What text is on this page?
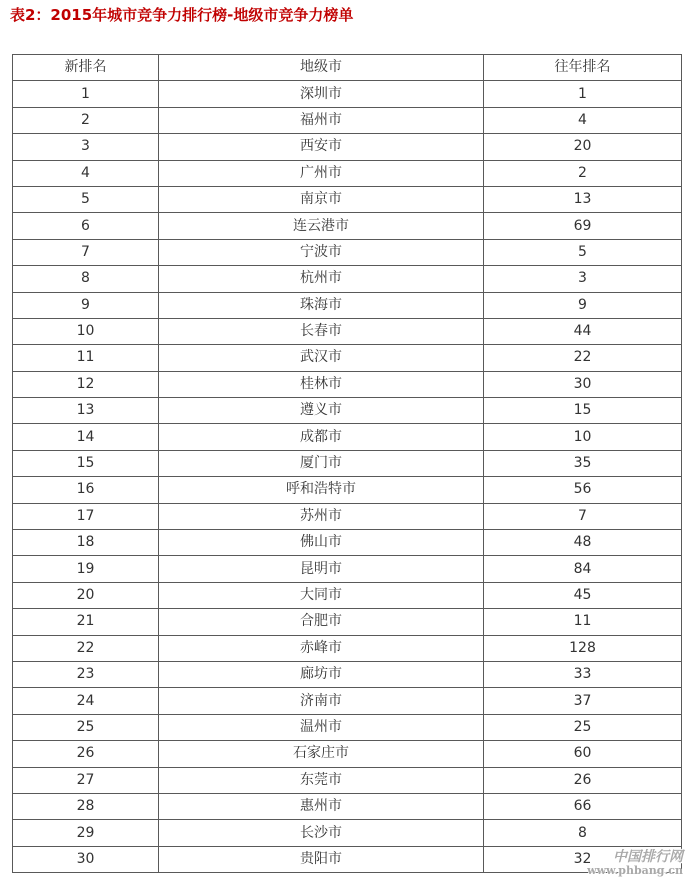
表2：2015年城市竞争力排行榜-地级市竞争力榜单
新排名	地级市	往年排名
1	深圳市	1
2	福州市	4
3	西安市	20
4	广州市	2
5	南京市	13
6	连云港市	69
7	宁波市	5
8	杭州市	3
9	珠海市	9
10	长春市	44
11	武汉市	22
12	桂林市	30
13	遵义市	15
14	成都市	10
15	厦门市	35
16	呼和浩特市	56
17	苏州市	7
18	佛山市	48
19	昆明市	84
20	大同市	45
21	合肥市	11
22	赤峰市	128
23	廊坊市	33
24	济南市	37
25	温州市	25
26	石家庄市	60
27	东莞市	26
28	惠州市	66
29	长沙市	8
30	贵阳市	32	中国排行网
www.phbang.cn
